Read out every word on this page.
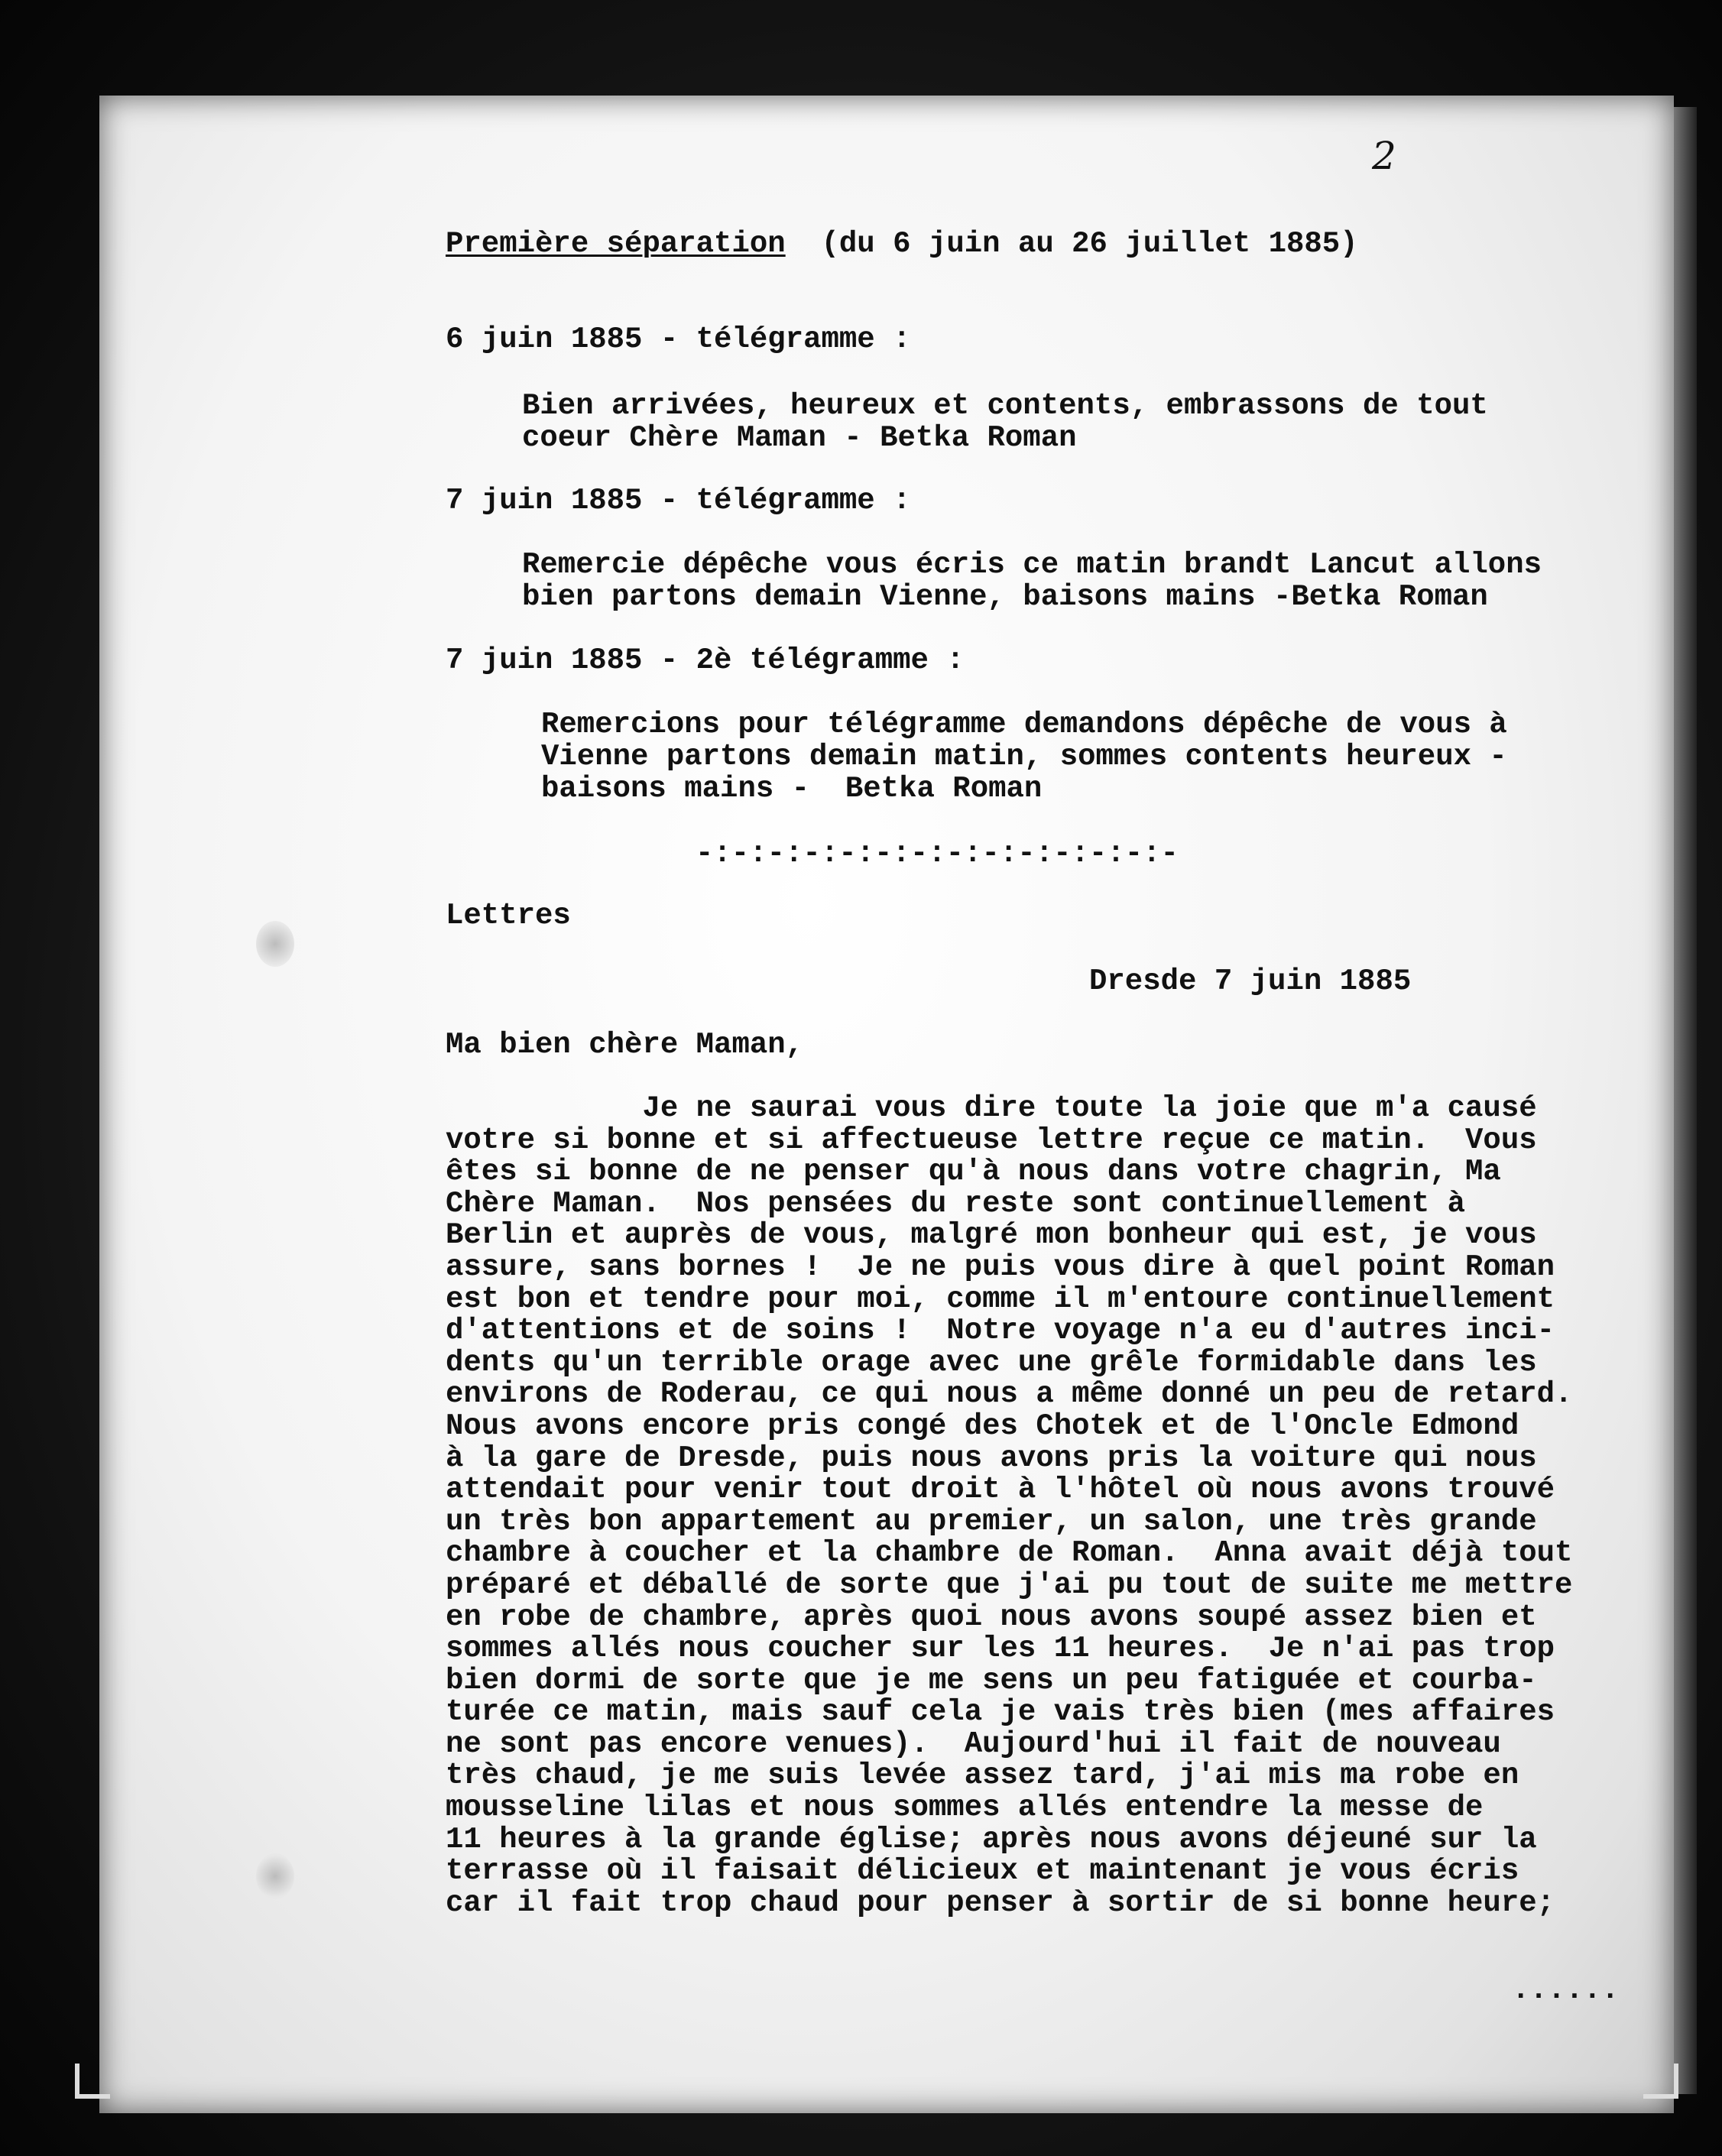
2
Première séparation (du 6 juin au 26 juillet 1885)
6 juin 1885 - télégramme :
Bien arrivées, heureux et contents, embrassons de tout
coeur Chère Maman - Betka Roman
7 juin 1885 - télégramme :
Remercie dépêche vous écris ce matin brandt Lancut allons
bien partons demain Vienne, baisons mains -Betka Roman
7 juin 1885 - 2è télégramme :
Remercions pour télégramme demandons dépêche de vous à
Vienne partons demain matin, sommes contents heureux -
baisons mains -  Betka Roman
-:-:-:-:-:-:-:-:-:-:-:-:-:-
Lettres
Dresde 7 juin 1885
Ma bien chère Maman,
Je ne saurai vous dire toute la joie que m'a causé
votre si bonne et si affectueuse lettre reçue ce matin.  Vous
êtes si bonne de ne penser qu'à nous dans votre chagrin, Ma
Chère Maman.  Nos pensées du reste sont continuellement à
Berlin et auprès de vous, malgré mon bonheur qui est, je vous
assure, sans bornes !  Je ne puis vous dire à quel point Roman
est bon et tendre pour moi, comme il m'entoure continuellement
d'attentions et de soins !  Notre voyage n'a eu d'autres inci-
dents qu'un terrible orage avec une grêle formidable dans les
environs de Roderau, ce qui nous a même donné un peu de retard.
Nous avons encore pris congé des Chotek et de l'Oncle Edmond
à la gare de Dresde, puis nous avons pris la voiture qui nous
attendait pour venir tout droit à l'hôtel où nous avons trouvé
un très bon appartement au premier, un salon, une très grande
chambre à coucher et la chambre de Roman.  Anna avait déjà tout
préparé et déballé de sorte que j'ai pu tout de suite me mettre
en robe de chambre, après quoi nous avons soupé assez bien et
sommes allés nous coucher sur les 11 heures.  Je n'ai pas trop
bien dormi de sorte que je me sens un peu fatiguée et courba-
turée ce matin, mais sauf cela je vais très bien (mes affaires
ne sont pas encore venues).  Aujourd'hui il fait de nouveau
très chaud, je me suis levée assez tard, j'ai mis ma robe en
mousseline lilas et nous sommes allés entendre la messe de
11 heures à la grande église; après nous avons déjeuné sur la
terrasse où il faisait délicieux et maintenant je vous écris
car il fait trop chaud pour penser à sortir de si bonne heure;
......
